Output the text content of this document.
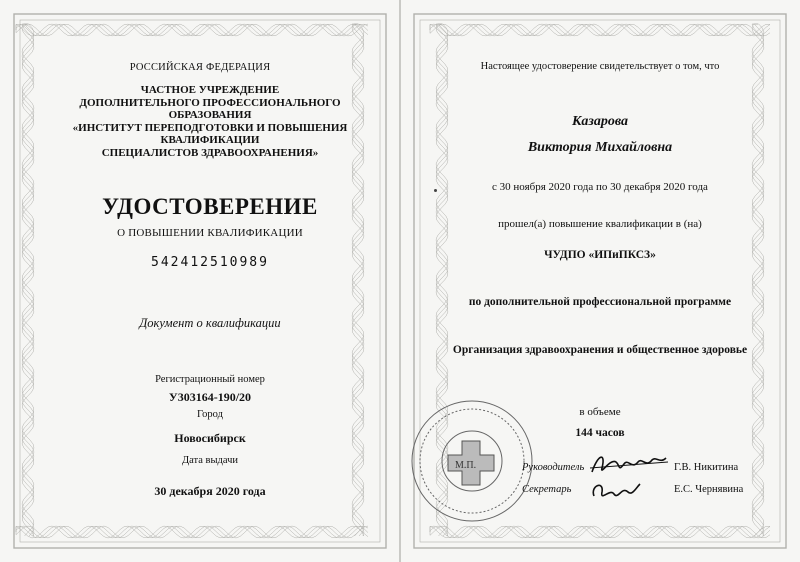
РОССИЙСКАЯ ФЕДЕРАЦИЯ
ЧАСТНОЕ УЧРЕЖДЕНИЕ
ДОПОЛНИТЕЛЬНОГО ПРОФЕССИОНАЛЬНОГО ОБРАЗОВАНИЯ
«ИНСТИТУТ ПЕРЕПОДГОТОВКИ И ПОВЫШЕНИЯ КВАЛИФИКАЦИИ
СПЕЦИАЛИСТОВ ЗДРАВООХРАНЕНИЯ»
УДОСТОВЕРЕНИЕ
О ПОВЫШЕНИИ КВАЛИФИКАЦИИ
542412510989
Документ о квалификации
Регистрационный номер
У303164-190/20
Город
Новосибирск
Дата выдачи
30 декабря 2020 года
Настоящее удостоверение свидетельствует о том, что
Казарова
Виктория Михайловна
с 30 ноября 2020 года по 30 декабря 2020 года
прошел(а) повышение квалификации в (на)
ЧУДПО «ИПиПКСЗ»
по дополнительной профессиональной программе
Организация здравоохранения и общественное здоровье
в объеме
144 часов
М.П.	Руководитель	Г.В. Никитина
Секретарь	Е.С. Чернявина
